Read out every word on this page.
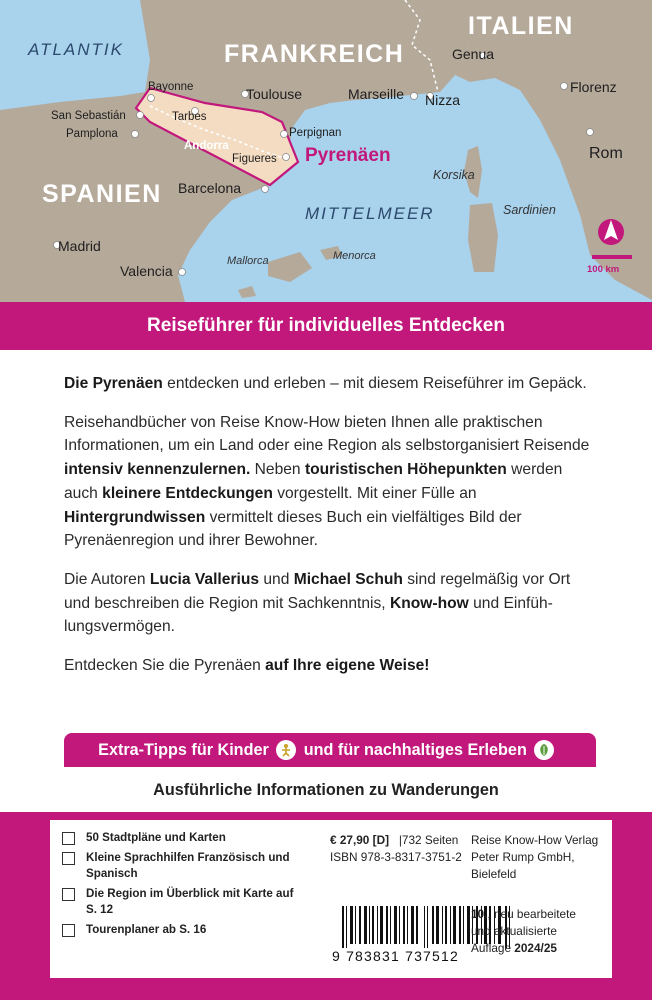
ATLANTIK	FRANKREICH
ITALIEN
SPANIEN
MITTELMEER
Genua
Florenz
Bayonne	Toulouse	Marseille Nizza
San Sebastián
Pamplona
Tarbes
Perpignan
Andorra
Figueres	Rom
Barcelona
Madrid
Valencia
Korsika
Sardinien
Mallorca	Menorca
Pyrenäen
100 km
Reiseführer für individuelles Entdecken

Die Pyrenäen entdecken und erleben – mit diesem Reiseführer im Gepäck.

Reisehandbücher von Reise Know-How bieten Ihnen alle praktischen Informationen, um ein Land oder eine Region als selbstorganisiert Reisende intensiv kennenzulernen. Neben touristischen Höhepunkten werden auch kleinere Entdeckungen vorgestellt. Mit einer Fülle an Hintergrundwissen vermittelt dieses Buch ein vielfältiges Bild der Pyrenäenregion und ihrer Bewohner.

Die Autoren Lucia Vallerius und Michael Schuh sind regelmäßig vor Ort und beschreiben die Region mit Sachkenntnis, Know-how und Einfüh-lungsvermögen.

Entdecken Sie die Pyrenäen auf Ihre eigene Weise!

Extra-Tipps für Kinder und für nachhaltiges Erleben
Ausführliche Informationen zu Wanderungen
50 Stadtpläne und Karten
Kleine Sprachhilfen Französisch und Spanisch
Die Region im Überblick mit Karte auf S. 12
Tourenplaner ab S. 16
€ 27,90 [D] |732 Seiten
ISBN 978-3-8317-3751-2
Reise Know-How Verlag
Peter Rump GmbH, Bielefeld
9 783831 737512
10., neu bearbeitete
und aktualisierte
Auflage 2024/25
